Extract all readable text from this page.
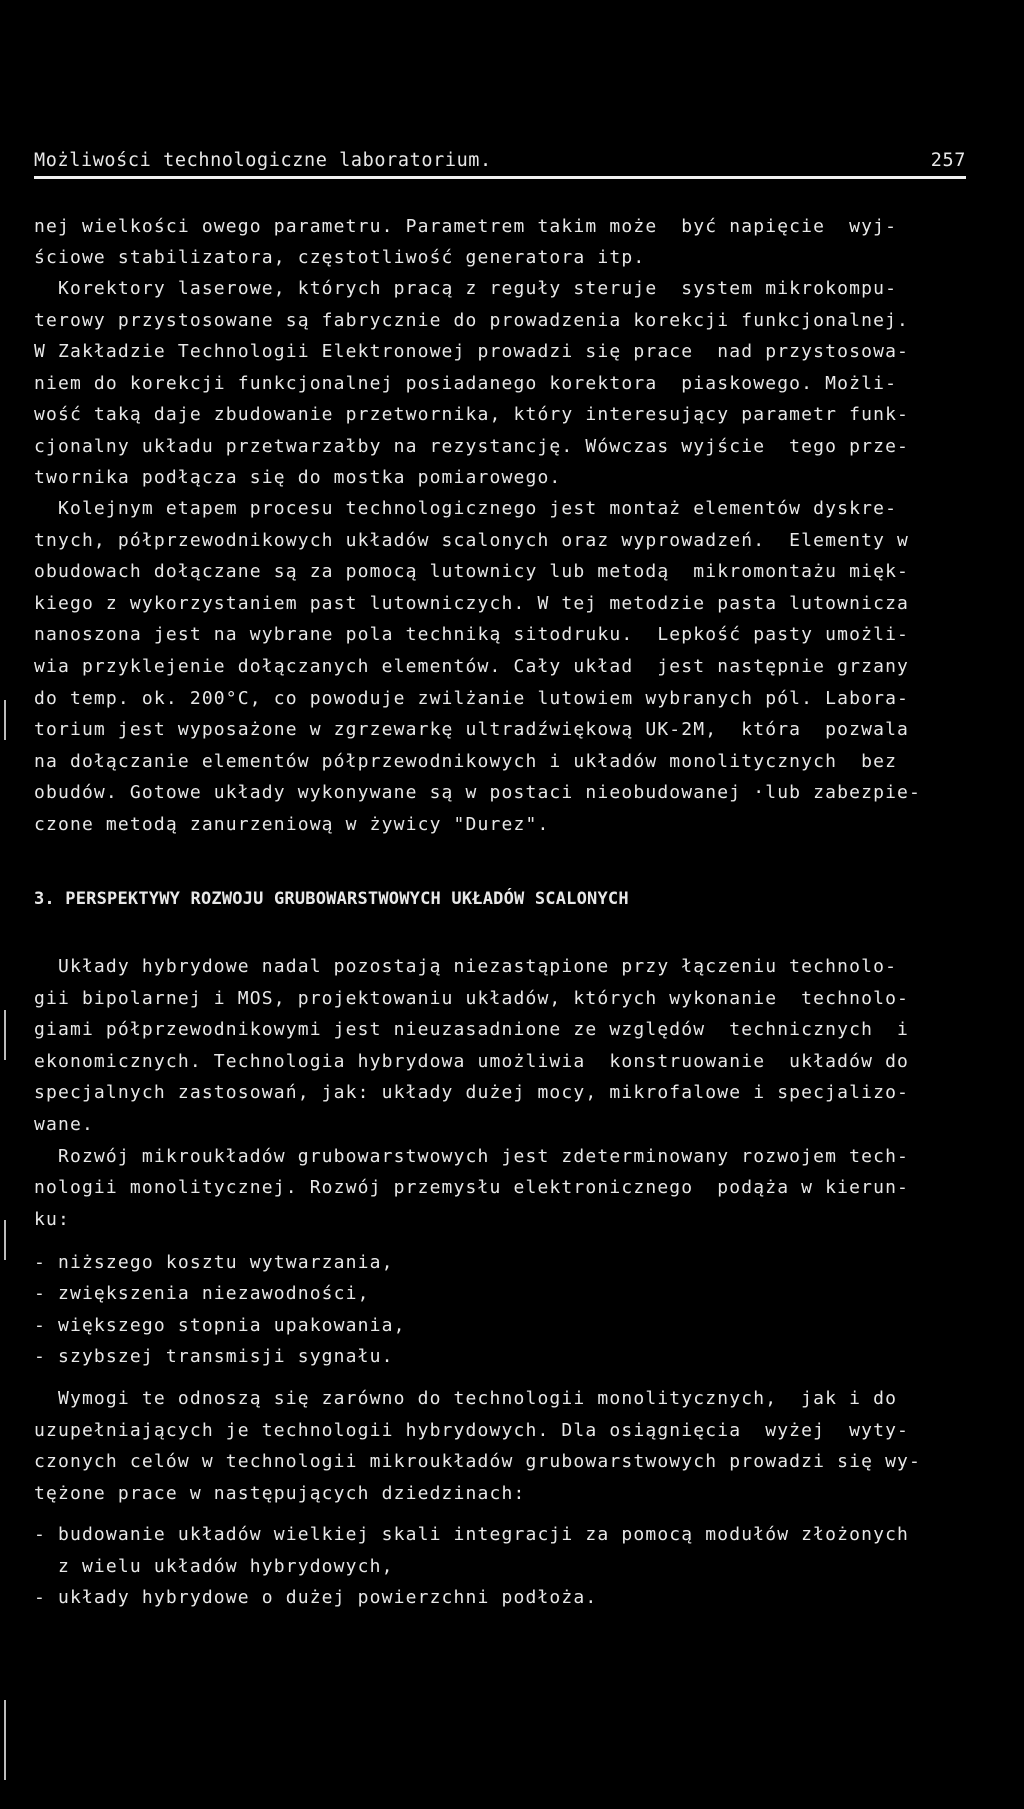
Możliwości technologiczne laboratorium.	257
nej wielkości owego parametru. Parametrem takim może  być napięcie  wyj-
ściowe stabilizatora, częstotliwość generatora itp.
Korektory laserowe, których pracą z reguły steruje  system mikrokompu-
terowy przystosowane są fabrycznie do prowadzenia korekcji funkcjonalnej.
W Zakładzie Technologii Elektronowej prowadzi się prace  nad przystosowa-
niem do korekcji funkcjonalnej posiadanego korektora  piaskowego. Możli-
wość taką daje zbudowanie przetwornika, który interesujący parametr funk-
cjonalny układu przetwarzałby na rezystancję. Wówczas wyjście  tego prze-
twornika podłącza się do mostka pomiarowego.
Kolejnym etapem procesu technologicznego jest montaż elementów dyskre-
tnych, półprzewodnikowych układów scalonych oraz wyprowadzeń.  Elementy w
obudowach dołączane są za pomocą lutownicy lub metodą  mikromontażu mięk-
kiego z wykorzystaniem past lutowniczych. W tej metodzie pasta lutownicza
nanoszona jest na wybrane pola techniką sitodruku.  Lepkość pasty umożli-
wia przyklejenie dołączanych elementów. Cały układ  jest następnie grzany
do temp. ok. 200°C, co powoduje zwilżanie lutowiem wybranych pól. Labora-
torium jest wyposażone w zgrzewarkę ultradźwiękową UK-2M,  która  pozwala
na dołączanie elementów półprzewodnikowych i układów monolitycznych  bez
obudów. Gotowe układy wykonywane są w postaci nieobudowanej ·lub zabezpie-
czone metodą zanurzeniową w żywicy "Durez".
Układy hybrydowe nadal pozostają niezastąpione przy łączeniu technolo-
gii bipolarnej i MOS, projektowaniu układów, których wykonanie  technolo-
giami półprzewodnikowymi jest nieuzasadnione ze względów  technicznych  i
ekonomicznych. Technologia hybrydowa umożliwia  konstruowanie  układów do
specjalnych zastosowań, jak: układy dużej mocy, mikrofalowe i specjalizo-
wane.
Rozwój mikroukładów grubowarstwowych jest zdeterminowany rozwojem tech-
nologii monolitycznej. Rozwój przemysłu elektronicznego  podąża w kierun-
ku:
- niższego kosztu wytwarzania,
- zwiększenia niezawodności,
- większego stopnia upakowania,
- szybszej transmisji sygnału.
Wymogi te odnoszą się zarówno do technologii monolitycznych,  jak i do
uzupełniających je technologii hybrydowych. Dla osiągnięcia  wyżej  wyty-
czonych celów w technologii mikroukładów grubowarstwowych prowadzi się wy-
tężone prace w następujących dziedzinach:
- budowanie układów wielkiej skali integracji za pomocą modułów złożonych
z wielu układów hybrydowych,
- układy hybrydowe o dużej powierzchni podłoża.
3. PERSPEKTYWY ROZWOJU GRUBOWARSTWOWYCH UKŁADÓW SCALONYCH
